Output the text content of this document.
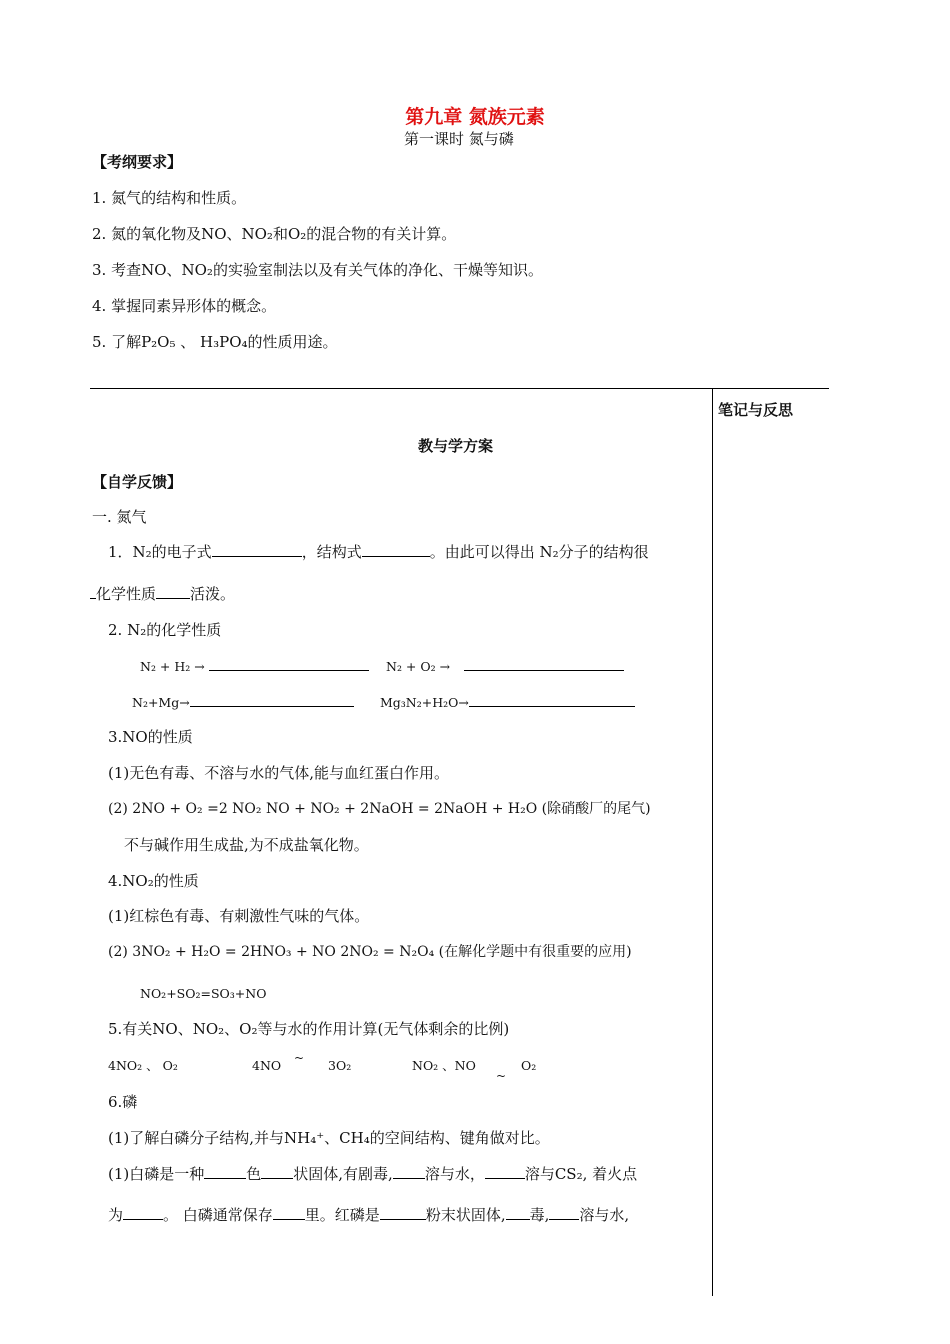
第九章 氮族元素
第一课时 氮与磷
【考纲要求】
1. 氮气的结构和性质。
2. 氮的氧化物及NO、NO₂和O₂的混合物的有关计算。
3. 考查NO、NO₂的实验室制法以及有关气体的净化、干燥等知识。
4. 掌握同素异形体的概念。
5. 了解P₂O₅ 、 H₃PO₄的性质用途。
笔记与反思
教与学方案
【自学反馈】
一. 氮气
1．N₂的电子式	，结构式	。由此可以得出 N₂分子的结构很
化学性质 活泼。
2. N₂的化学性质
N₂ + H₂ →	N₂ + O₂ →
N₂+Mg→	Mg₃N₂+H₂O→
3.NO的性质
(1)无色有毒、不溶与水的气体,能与血红蛋白作用。
(2) 2NO + O₂ =2 NO₂ NO + NO₂ + 2NaOH = 2NaOH + H₂O (除硝酸厂的尾气)
不与碱作用生成盐,为不成盐氧化物。
4.NO₂的性质
(1)红棕色有毒、有刺激性气味的气体。
(2) 3NO₂ + H₂O = 2HNO₃ + NO 2NO₂ = N₂O₄ (在解化学题中有很重要的应用)
NO₂+SO₂=SO₃+NO
5.有关NO、NO₂、O₂等与水的作用计算(无气体剩余的比例)
4NO₂ 、 O₂	4NO ~	3O₂	NO₂ 、NO
~
O₂
6.磷
(1)了解白磷分子结构,并与NH₄⁺、CH₄的空间结构、键角做对比。
(1)白磷是一种	色 状固体,有剧毒, 溶与水，	溶与CS₂, 着火点
为	。 白磷通常保存 里。红磷是	粉末状固体, 毒, 溶与水,
